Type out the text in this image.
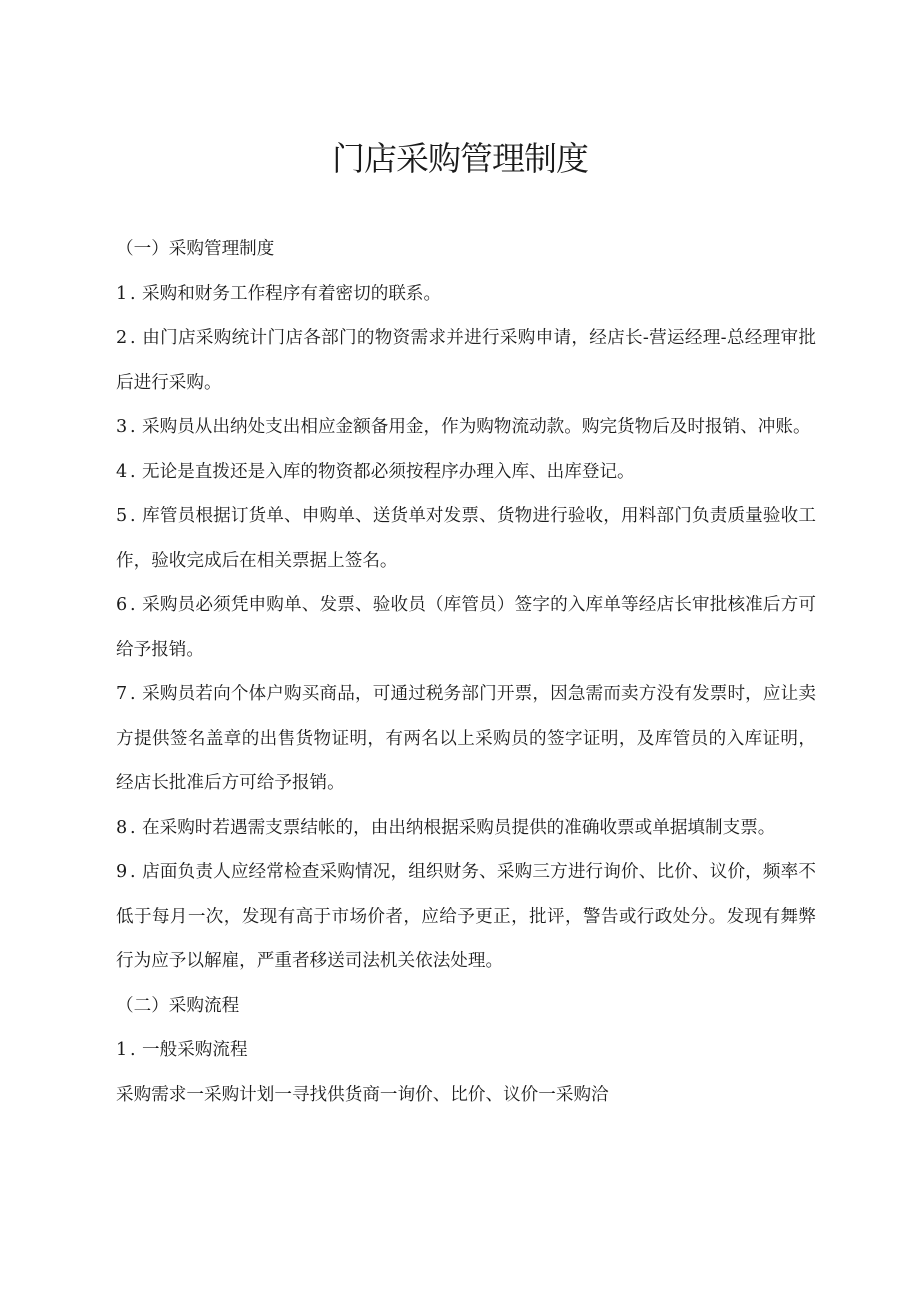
门店采购管理制度

（一）采购管理制度

1 . 采购和财务工作程序有着密切的联系。

2 . 由门店采购统计门店各部门的物资需求并进行采购申请，经店长-营运经理-总经理审批后进行采购。

3 . 采购员从出纳处支出相应金额备用金，作为购物流动款。购完货物后及时报销、冲账。

4 . 无论是直拨还是入库的物资都必须按程序办理入库、出库登记。

5 . 库管员根据订货单、申购单、送货单对发票、货物进行验收，用料部门负责质量验收工作，验收完成后在相关票据上签名。

6 . 采购员必须凭申购单、发票、验收员（库管员）签字的入库单等经店长审批核准后方可给予报销。

7 . 采购员若向个体户购买商品，可通过税务部门开票，因急需而卖方没有发票时，应让卖方提供签名盖章的出售货物证明，有两名以上采购员的签字证明，及库管员的入库证明，经店长批准后方可给予报销。

8 . 在采购时若遇需支票结帐的，由出纳根据采购员提供的准确收票或单据填制支票。

9 . 店面负责人应经常检查采购情况，组织财务、采购三方进行询价、比价、议价，频率不低于每月一次，发现有高于市场价者，应给予更正，批评，警告或行政处分。发现有舞弊行为应予以解雇，严重者移送司法机关依法处理。

（二）采购流程

1 . 一般采购流程

采购需求一采购计划一寻找供货商一询价、比价、议价一采购洽
